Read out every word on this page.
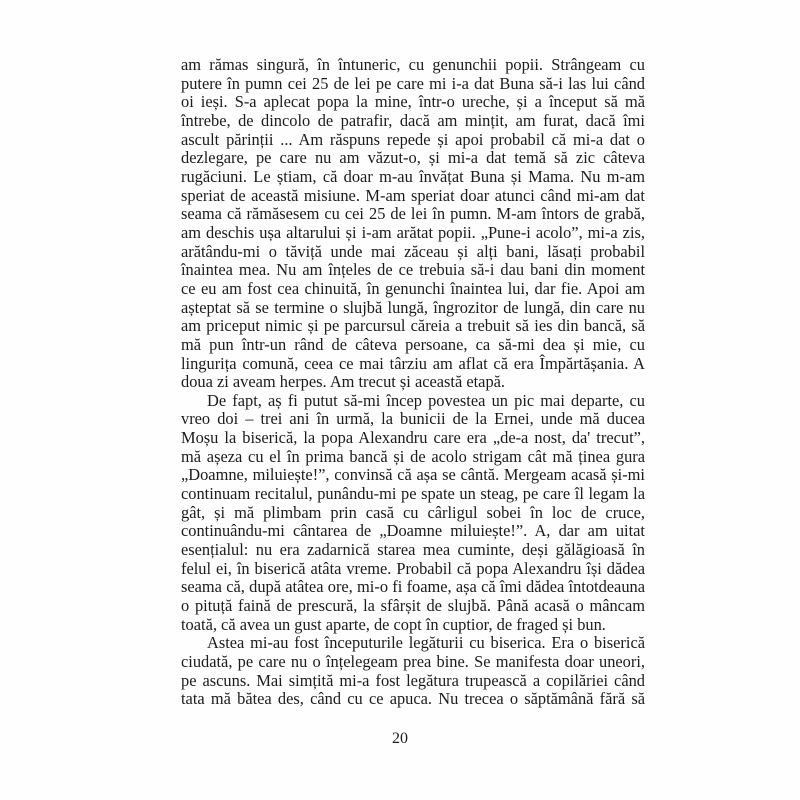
am rămas singură, în întuneric, cu genunchii popii. Strângeam cu
putere în pumn cei 25 de lei pe care mi i-a dat Buna să-i las lui când
oi ieși. S-a aplecat popa la mine, într-o ureche, și a început să mă
întrebe, de dincolo de patrafir, dacă am mințit, am furat, dacă îmi
ascult părinții ... Am răspuns repede și apoi probabil că mi-a dat o
dezlegare, pe care nu am văzut-o, și mi-a dat temă să zic câteva
rugăciuni. Le știam, că doar m-au învățat Buna și Mama. Nu m-am
speriat de această misiune. M-am speriat doar atunci când mi-am dat
seama că rămăsesem cu cei 25 de lei în pumn. M-am întors de grabă,
am deschis ușa altarului și i-am arătat popii. „Pune-i acolo”, mi-a zis,
arătându-mi o tăviță unde mai zăceau și alți bani, lăsați probabil
înaintea mea. Nu am înțeles de ce trebuia să-i dau bani din moment
ce eu am fost cea chinuită, în genunchi înaintea lui, dar fie. Apoi am
așteptat să se termine o slujbă lungă, îngrozitor de lungă, din care nu
am priceput nimic și pe parcursul căreia a trebuit să ies din bancă, să
mă pun într-un rând de câteva persoane, ca să-mi dea și mie, cu
lingurița comună, ceea ce mai târziu am aflat că era Împărtășania. A
doua zi aveam herpes. Am trecut și această etapă.
De fapt, aș fi putut să-mi încep povestea un pic mai departe, cu
vreo doi – trei ani în urmă, la bunicii de la Ernei, unde mă ducea
Moșu la biserică, la popa Alexandru care era „de-a nost, da' trecut”,
mă așeza cu el în prima bancă și de acolo strigam cât mă ținea gura
„Doamne, miluiește!”, convinsă că așa se cântă. Mergeam acasă și-mi
continuam recitalul, punându-mi pe spate un steag, pe care îl legam la
gât, și mă plimbam prin casă cu cârligul sobei în loc de cruce,
continuându-mi cântarea de „Doamne miluiește!”. A, dar am uitat
esențialul: nu era zadarnică starea mea cuminte, deși gălăgioasă în
felul ei, în biserică atâta vreme. Probabil că popa Alexandru își dădea
seama că, după atâtea ore, mi-o fi foame, așa că îmi dădea întotdeauna
o pituță faină de prescură, la sfârșit de slujbă. Până acasă o mâncam
toată, că avea un gust aparte, de copt în cuptior, de fraged și bun.
Astea mi-au fost începuturile legăturii cu biserica. Era o biserică
ciudată, pe care nu o înțelegeam prea bine. Se manifesta doar uneori,
pe ascuns. Mai simțită mi-a fost legătura trupească a copilăriei când
tata mă bătea des, când cu ce apuca. Nu trecea o săptămână fără să
20
